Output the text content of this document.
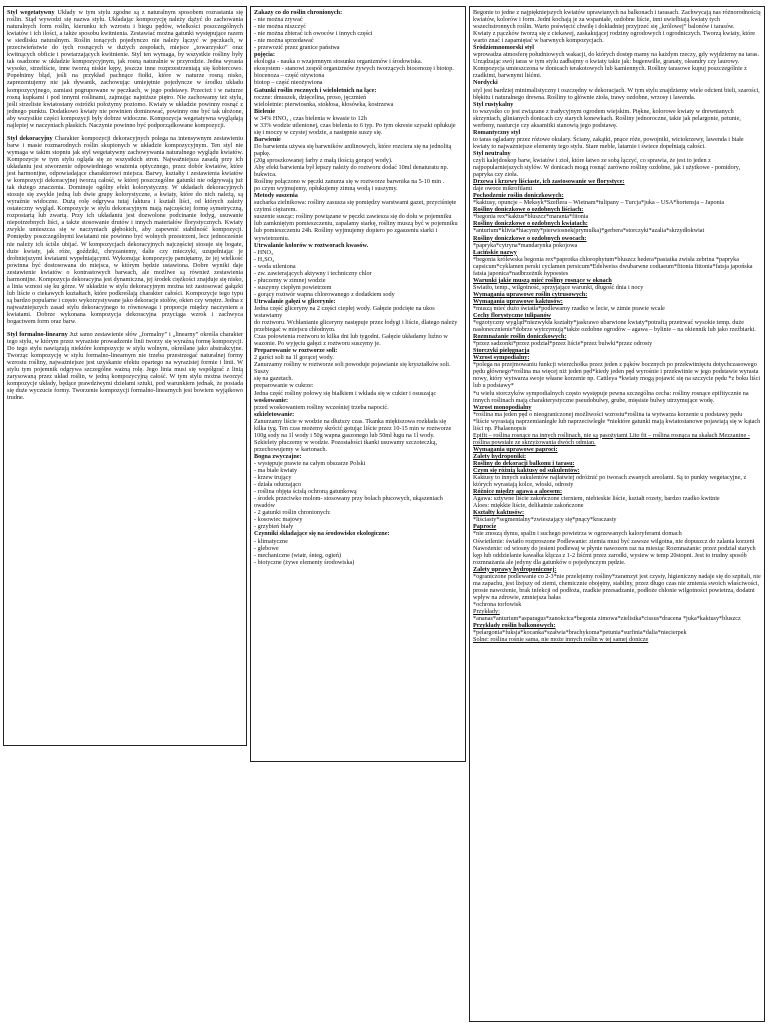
Styl wegetatywny Układy w tym stylu zgodne są z naturalnym sposobem rozrastania się roślin. Stąd wywodzi się nazwa stylu. Układając kompozycję należy dążyć do zachowania naturalnych form roślin, kierunku ich wzrostu i biegu pędów, wielkości poszczególnych kwiatów i ich ilości, a także sposobu kwitnienia. Zestawiać można gatunki występujące razem w siedlisku naturalnym. Roślin tonących pojedynczo nie należy łączyć w pęczkach, w przeciwieństwie do tych rosnących w dużych zespołach, miejsce „towarzysko” oraz kwitnących obficie i powtarzających kwitnienie. Styl ten wymaga, by wszystkie rośliny były tak osadzone w układzie kompozycyjnym, jak rosną naturalnie w przyrodzie. Jedna wyrasta wysoko, strzeliście, inne tworzą niskie kępy, jeszcze inne rozprzestrzeniają się kobiercowo. Popełnimy błąd, jeśli na przykład pachnące fiołki, które w naturze rosną nisko, zaprezentujemy nie jak dywanik, zachowując umiejętnie pojedyncze w środku układu kompozycyjnego, zamiast pogrupowane w pęczkach, w jego podstawy. Przecież i w naturze rosną kupkami i pod innymi roślinami, zajmując najniższe piętro. Nie zachowamy też stylu, jeśli strzeliste kwiatostany ostróżki położymy poziomo. Kwiaty w układzie powinny rosnąć z jednego punktu. Dodatkowo kwiaty nie powinien dominować, powinny one być tak ułożone, aby wszystkie części kompozycji były dobrze widoczne. Kompozycja wegetatywna wyglądają najlepiej w naczyniach płaskich. Naczynie powinno być podporządkowane kompozycji.

Styl dekoracyjny Charakter kompozycji dekoracyjnych polega na intensywnym zestawieniu barw i masie rozmarodnych roślin skupionych w układzie kompozycyjnym. Ten styl nie wymaga w takim stopniu jak styl wegetatywny zachowywania naturalnego wyglądu kwiatów. Kompozycje w tym stylu ogląda się ze wszystkich stron. Najważniejsza zasadą przy ich układaniu jest stworzenie odpowiedniego wrażenia optycznego, przez dobór kwiatów, które jest harmonijne, odpowiadające charakterowi miejsca. Barwy, kształty i zestawienia kwiatów w kompozycji dekoracyjnej tworzą całość, w której poszczególne gatunki nie odgrywają już tak dużego znaczenia. Dominuje ogólny efekt kolorystyczny. W układach dekoracyjnych stosuje się zwykle jedną lub dwie grupy kolorystyczne, a kwiaty, które do nich należą, są wyraźnie widoczne. Dużą rolę odgrywa tutaj faktura i kształt liści, od których zależy ostateczny wygląd. Kompozycje w stylu dekoracyjnym mają najczęściej formę symetryczną, rozpostartą lub zwartą. Przy ich układaniu jest dozwolone podcinanie łodyg, usuwanie niepotrzebnych liści, a także stosowanie drutów i innych materiałów florystycznych. Kwiaty zwykle umieszcza się w naczyniach głębokich, aby zapewnić stabilność kompozycji. Pomiędzy poszczególnymi kwiatami nie powinno być wolnych przestrzeni, lecz jednocześnie nie należy ich ściśle ubijać. W kompozycjach dekoracyjnych najczęściej stosuje się bogate, duże kwiaty, jak róże, goździki, chryzantemy, dalie czy mieczyki, uzupełniając je drobniejszymi kwiatami wypełniającymi. Wykonując kompozycję pamiętamy, że jej wielkość powinna być dostosowana do miejsca, w którym będzie ustawiona. Dobre wyniki daje zestawienie kwiatów o kontrastowych barwach, ale możliwe są również zestawienia harmonijne. Kompozycja dekoracyjna jest dynamiczna, jej środek ciężkości znajduje się nisko, a linia wznosi się ku górze. W układzie w stylu dekoracyjnym można też zastosować gałązki lub liście o ciekawych kształtach, które podkreślają charakter całości. Kompozycje tego typu są bardzo popularne i często wykorzystywane jako dekoracje stołów, okien czy wnętrz. Jedna z najważniejszych zasad stylu dekoracyjnego to równowaga i proporcje między naczyniem a kwiatami. Dobrze wykonana kompozycja dekoracyjna przyciąga wzrok i zachwyca bogactwem form oraz barw.

Styl formalno-linearny Już samo zestawienie słów „formalny” i „linearny” określa charakter tego stylu, w którym przez wyraziste prowadzenie linii tworzy się wyraźną formę kompozycji. Do tego stylu nawiązują niektóre kompozycje w stylu wolnym, określane jako abstrakcyjne. Tworząc kompozycję w stylu formalno-linearnym nie trzeba przestrzegać naturalnej formy wzrostu rośliny, najważniejsze jest uzyskanie efektu opartego na wyrazistej formie i linii. W stylu tym pojemnik odgrywa szczególne ważną rolę. Jego linia musi się współgrać z linią zarysowaną przez układ roślin, w jedną kompozycyjną całość. W tym stylu można tworzyć kompozycje układy, będące prawdziwymi dziełami sztuki, pod warunkiem jednak, że posiada się duże wyczucie formy. Tworzenie kompozycji formalno-linearnych jest bowiem wyjątkowo trudne.

Zakazy co do roślin chronionych:
- nie można zrywać
- nie można niszczyć
- nie można zbierać ich owoców i innych części
- nie można sprzedawać
- przewozić przez granice państwa
pojęcia:
ekologia - nauka o wzajemnym stosunku organizmów i środowiska.
ekosystem - stanowi zespół organizmów żywych tworzących biocenozę i biotop.
biocenoza – część ożywiona
biotop – część nieożywiona
Gatunki roślin rocznych i wieloletnich na łące:
roczne: dmuszek, dzięcelina, proso, jęczmień
wieloletnie: pierwiosnka, stokłosa, kłosówka, kostrzewa
Bielenie
w 34% HNO₃ , czas bielenia w kwasie to 12h
w 33% wodzie utlenionej, czas bielenia to 6 typ. Po tym okresie szyszki opłukuje się i moczy w czystej wodzie, a następnie suszy się.
Barwienie
Do barwienia używa się barwników anilinowych, które rozciera się na jednolitą papkę.
(20g sproszkowanej farby z małą ilością gorącej wody).
Aby efekt barwienia był lepszy należy do roztworu dodać 10ml denaturatu np. bukwica.
Roślinę połączono w pęczki zanurza się w roztworze barwnika na 5-10 min .
po czym wyjmujemy, opłukujemy zimną wodą i suszymy.
Metody suszenia
sucharka zielnikowa: rośliny zasusza się pomiędzy warstwami gazet, przyciśnięte
czyimś ciężarem.
suszenie susząc: rośliny powiązane w pęczki zawiesza się do dołu w pojemniku
lub zamkniętym pomieszczeniu, zapalamy siarkę, rośliny muszą być w pojemniku
lub pomieszczeniu 24h. Rośliny wyjmujemy dopiero po zgaszeniu siarki i wywietrzeniu.
Utrwalanie kolorów w roztworach kwasów.
- HNO₃
- H₂SO₄
- woda utleniona
- zw. zawierających aktywny i techniczny chlor
- płuczemy w zimnej wodzie
- suszymy ciepłym powietrzem
- gorący roztwór wapna chlorowanego z dodatkiem sody
Utrwalanie gałęzi w glicerynie:
Jedna część gliceryny na 2 części ciepłej wody. Gałęzie podcięte na ukos wstawiamy
do roztworu. Wchłanianie gliceryny następuje przez łodygi i liście, dlatego należy przebiegać w miejscu chłodnym.
Czas połowienia roztworu to kilka dni lub tygodni. Gałęzie układamy luźno w
wazonie. Po wyjęciu gałęzi z roztworu suszymy je.
Preparowanie w roztworze soli:
2 garści soli na 1l gorącej wody.
Zanurzamy rośliny w roztworze soli powoduje pojawianie się kryształków soli. Suszy
się na gazetach.
preparowanie w cukrze:
Jedna część rośliny połowy się białkiem i wkłada się w cukier i osuszając
woskowanie:
przed woskowaniem rośliny wcześniej trzeba napocić.
szkieletowanie:
Zanurzamy liście w wodzie na dłuższy czas. Tkanka miękiszowa rozkłada się
kilka tyg. Ten czas możemy skrócić gotując liście przez 10-15 min w roztworze
100g sody na 1l wody i 50g wapna gaszonego lub 50ml ługu na 1l wody.
Szkielety płuczemy w wodzie. Pozostałości tkanki usuwamy szczoteczką,
przechowujemy w kartonach.
Bogna zwyczajne:
- występuje prawie na całym obszarze Polski
- ma białe kwiaty
- krzew trujący
- działa odurzająco
- roślina objęta ścisłą ochroną gatunkową
- środek przeciwko molom- stosowany przy bolach płucowych, ukąszeniach owadów
- 2 gatunki roślin chronionych:
- kosowiec majowy
- grzybień biały
Czynniki składające się na środowisko ekologiczne:
- klimatyczne
- glebowe
- mechaniczne (wiatr, śnieg, ogień)
- biotyczne (żywe elementy środowiska)
Begonie to jedne z najpiękniejszych kwiatów uprawianych na balkonach i tarasach. Zachwycają nas różnorodnością kwiatów, kolorów i form. Jedni kochają je za wspaniałe, ozdobne liście, inni uwielbiają kwiaty tych wszechstronnych roślin. Warto poświęcić chwilę i dokładniej przyjrzeć się „królowej” balonów i tarasów.
Kwiaty z pączków tworzą się z ciekawej, zaskakującej rodziny ogrodowych i ogrodniczych. Tworzą kwiaty, które warto znać i zapamiętać w barwnych kompozycjach.
Śródziemnomorski styl
wprowadza atmosferę południowych wakacji, do których dostęp mamy na każdym rzeczy, gdy wyjdziemy na taras. Urządzając swój taras w tym stylu zadbajmy o kwiaty takie jak: bugenwille, granaty, oleandry czy laurowy. Kompozycja umieszczona w donicach terakotowych lub kamiennych. Rośliny tarasowe kupuj poszczególnie z rzadkimi, barwnymi liśćmi.
Nordycki
styl jest bardziej minimalistyczny i oszczędny w dekoracjach. W tym stylu znajdziemy wiele odcieni bieli, szarości, błękitu i naturalnego drewna. Rośliny to głównie zioła, trawy ozdobne, wrzosy i lawenda.
Styl rustykalny
to wszystko co jest związane z tradycyjnym ogrodem wiejskim. Piękne, kolorowe kwiaty w drewnianych skrzyniach, glinianych donicach czy starych konewkach. Rośliny jednoroczne, takie jak pelargonie, petunie, werbeny, nasturcje czy aksamitki stanowią jego podstawę.
Romantyczny styl
to taras ogladany przez różowe okulary. Ściany, zakątki, pnące róże, powojniki, wiciokrzewy, lawenda i białe kwiaty to najważniejsze elementy tego stylu. Stare meble, latarnie i świece dopełniają całości.
Styl neutralny
czyli kalejdoskop barw, kwiatów i zioł, które łatwo ze sobą łączyć, co sprawia, że jest to jeden z najpopularniejszych stylów. W donicach mogą rosnąć zarówno rośliny ozdobne, jak i użytkowe - pomidory, papryka czy zioła.
Drzewa i krzewy liściaste, ich zastosowanie we florystyce:
daje owoce mikrofilami
Pochodzenie roślin doniczkowych:
*kaktusy, opuncje – Meksyk*Szeflera – Wietnam*tulipany – Turcja*juka – USA*hortensja – Japonia
Rośliny doniczkowe o ozdobnych liściach:
*begonia rex*kaktus*bluszcz*maranta*fitonia
Rośliny doniczkowe o ozdobnych kwiatach:
*anturium*klivia*hiacynty*pierwiosnek(prymulka)*gerbera*storczyki*azalia*skrzydłokwiat
Rośliny doniczkowe o ozdobnych owocach:
*papryka*cytryna*mandarynka pokojowa
Łacińskie nazwy
*begonia królewska begonia rex*paprotka chlorophytum*bluszcz hedera*pasiatka zwisła zebrina *papryka capsicum*cyklamen perski cyclamen persicum*Edelweiss dwubarwne codiaeum*fitonia fittonia*fatsja japońska fatsia japonica*nadbrzeżnik hypoestes
Warunki jakie muszą mieć rośliny rosnące w oknach
Światło, temp., wilgotność, sprzyjające warunki, długość dnia i nocy
Wymagania uprawowe roślin cytrusowych:
Wymagania uprawowe kaktusów:
*muszą mieć dużo światła*podlewamy rzadko w lecie, w zimie prawie wcale
Cechy florystyczne tulipanów
*egzotyczny wygląd*niezwykła kształty*jaskrawo ubarwione kwiaty*potrafią przetrwać wysokie temp. duże nasłonecznienie*dobrze wytrzymują*także ozdobne ogrodów – agawa – bylinie – na okiennik lub jako rzeźbiarki.
Rozmnażanie roślin doniczkowych:
*przez sadzonki*przez podział*przez liście*przez bulwki*przez odrosty
Storczyki pielęgnacja
Wzrost sympodialny:
*polega na przejmowaniu funkcji wierzchołka przez jeden z pąków bocznych po przekwitnięciu dotychczasowego pędu głównego*roślina ma więcej niż jeden pęd*kiedy jeden pęd wyrośnie i przekwitnie w jego podstawie wyrasta nowy, który wytwarza swoje własne korzenie np. Cattleya *kwiaty mogą pojawić się na szczycie pędu *z boku liści lub u podstawy*
*u wielu storczyków sympodialnych często występuje pewna szczególna cecha: rośliny rosnące epifitycznie na innych roślinach mają charakterystyczne pseudobulwy, grube, mięsiste bulwy utrzymujące wodę.
Wzrost monopodialny
*roślina ma jeden pęd o nieograniczonej możliwości wzrostu*roślina ta wytwarza korzenie u podstawy pędu
*liście wyrastają naprzemianległe lub naprzeciwległe *niektóre gatunki mają kwiatostanowe pojawiają się w kątach liści np. Phalaenopsis
Epifit – roślina rosnące na innych roślinach, nie są pasożytami Lito fit – roślina rosnąca na skałach Mezzanine - roślina powstałe ze skrzyżowania dwóch odmian.
Wymagania uprawowe paproci:
Zalety hydroponiki:
Rośliny do dekoracji balkonu i tarasu:
Czym się różnią kaktusy od sukulentów:
Kaktusy to innych sukulentów najłatwiej odróżnić po tworach zwanych areolami. Są to punkty wegetacyjne, z których wyrastają kolce, włoski, odrosty
Różnice między agawa a aloesem:
Agawa: sztywne liście zakończone cierniem, niebieskie liście, kształt rozety, bardzo rzadko kwitnie
Aloes: miękkie liście, delikatnie zakończone
Kształty kaktusów:
*liściasty*segmentalny*zwieszający się*pnący*kraczasty
Paprocie
*nie znoszą dymu, spalin i suchego powietrza w ogrzewanych kaloryferami domach
Oświetlenie: światło rozproszone Podlewanie: ziemia musi być zawsze wilgotna, nie dopuszcz do zalania korzeni Nawożenie: od wiosny do jesieni podlewaj w płynie nawozem raz na miesiąc Rozmnażanie: przez podział starych kęp lub oddzielanie kawałka kłącza z 1-2 liśćmi przez zarodki, wysiew w temp 20stopni. Jest to trudny sposób rozmnażania ale jedyny dla gatunków o pojedynczym pędzie.
Zalety uprawy hydroponicznej:
*ograniczone podlewanie co 2-3*nie przelejemy rośliny*zaramzyt jest czysty, higieniczny nadaje się do szpitali, nie ma zapachu, jest lżejszy od ziemi, chemicznie obojętny, stabilny, przez długo czas nie zmienia swoich właściwości, proste nawożenie, brak infekcji od podłoża, rzadkie przesadzanie, podłoże chłonie wilgotności powietrza, dodatni wpływ na zdrowie, zmniejsza hałas
*ochrona torfowisk
Przykłady:
*ananas*anturium*asparagus*zanokcica*begonia zimowa*zielistka*cissus*dracena *juka*kaktusy*bluszcz
Przykłady roślin balkonowych:
*pelargonia*fuksja*kocanka*szałwia*brachykoma*petunia*surfinia*dalia*niecierpek
Solne: roślina rośnie sama, nie może innych roślin w tej samej donicze
